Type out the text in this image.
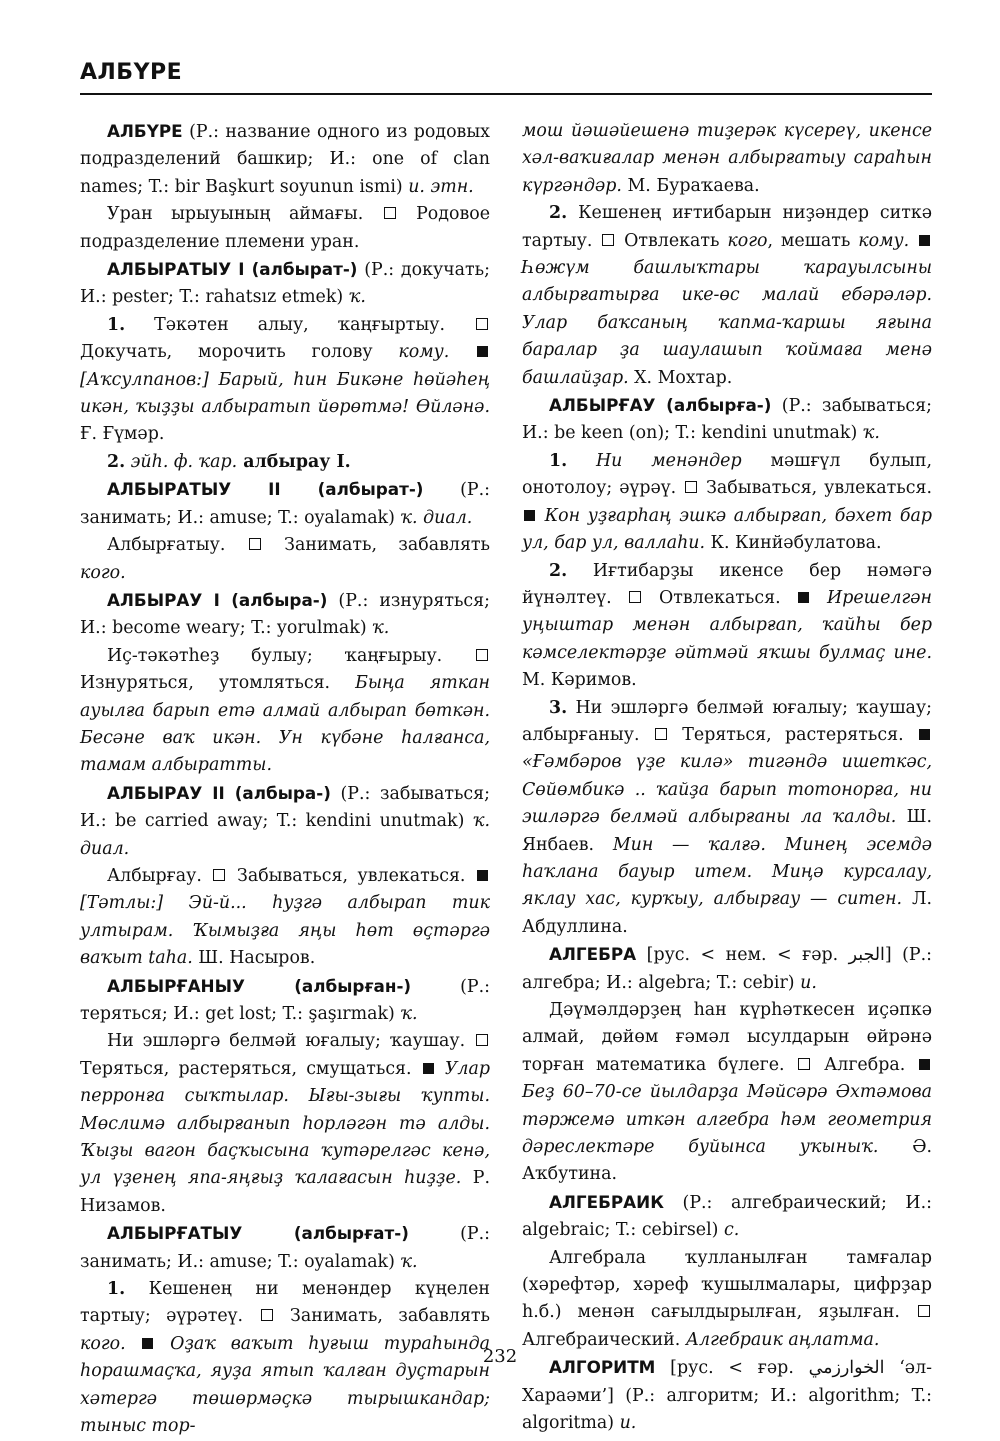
АЛБҮРЕ

АЛБҮРЕ (Р.: название одного из родовых подразделений башкир; И.: one of clan names; T.: bir Başkurt soyunun ismi) и. этн.

Уран ырыуының аймағы.  Родовое подразделение племени уран.

АЛБЫРАТЫУ I (албырат-) (Р.: докучать; И.: pester; T.: rahatsız etmek) ҡ.

1. Тәкәтен алыу, ҡаңғыртыу.  Докучать, морочить голову кому.  [Аҡсулпанов:] Барый, һин Бикәне һөйәһең икән, ҡыҙҙы албыратып йөрөтмә! Өйләнә. Ғ. Ғүмәр.

2. эйһ. ф. ҡар. албырау I.

АЛБЫРАТЫУ II (албырат-) (Р.: занимать; И.: amuse; T.: oyalamak) ҡ. диал.

Албырғатыу.  Занимать, забавлять кого.

АЛБЫРАУ I (албыра-) (Р.: изнуряться; И.: become weary; T.: yorulmak) ҡ.

Иҫ-тәкәтһеҙ булыу; ҡаңғырыу.  Изнуряться, утомляться. Быңа яткан ауылға барып етә алмай албырап бөткән. Бесәне ваҡ икән. Ун күбәне һалғанса, тамам албыратты.

АЛБЫРАУ II (албыра-) (Р.: забываться; И.: be carried away; T.: kendini unutmak) ҡ. диал.

Албырғау.  Забываться, увлекаться.  [Тәтлы:] Эй-й... һуҙгә албырап тик ултырам. Ҡымыҙға яңы һөт өҫтәргә ваҡыт taha. Ш. Насыров.

АЛБЫРҒАНЫУ (албырған-) (Р.: теряться; И.: get lost; T.: şaşırmak) ҡ.

Ни эшләргә белмәй юғалыу; ҡаушау.  Теряться, растеряться, смущаться.  Улар перронға сыҡтылар. Ығы-зығы ҡупты. Мөслимә албырғанып һорләгән тә алды. Ҡыҙы вагон баҫҡысына ҡутәрелгәс кенә, ул үҙенең япа-яңғыҙ ҡалағасын һиҙҙе. Р. Низамов.

АЛБЫРҒАТЫУ (албырғат-) (Р.: занимать; И.: amuse; T.: oyalamak) ҡ.

1. Кешенең ни менәндер күңелен тартыу; әүрәтеү.  Занимать, забавлять кого.  Оҙаҡ ваҡыт һуғыш тураһында һорашмаҫҡа, яуҙа ятып ҡалған дуҫтарын хәтергә төшөрмәҫкә тырышкандар; тыныс тор-

мош йәшәйешенә тиҙерәк күсереү, икенсе хәл-ваҡиғалар менән албырғатыу сараһын күргәндәр. М. Бураҡаева.

2. Кешенең иғтибарын ниҙәндер ситкә тартыу.  Отвлекать кого, мешать кому.  Һөжүм башлыҡтары ҡарауылсыны албырғатырға ике-өс малай ебәрәләр. Улар баҡсаның ҡапма-ҡаршы яғына баралар ҙа шаулашып ҡоймаға менә башлайҙар. Х. Мохтар.

АЛБЫРҒАУ (албырға-) (Р.: забываться; И.: be keen (on); T.: kendini unutmak) ҡ.

1. Ни менәндер мәшғүл булып, онотолоу; әүрәү.  Забываться, увлекаться.  Кон уҙғарһаң эшкә албырғап, бәхет бар ул, бар ул, валлаһи. К. Кинйәбулатова.

2. Иғтибарҙы икенсе бер нәмәгә йүнәлтеү.  Отвлекаться.  Ирешелгән уңыштар менән албырғап, ҡайһы бер кәмселектәрҙе әйтмәй яҡшы булмаҫ ине. М. Кәримов.

3. Ни эшләргә белмәй юғалыу; ҡаушау; албырғаныу.  Теряться, растеряться.  «Ғәмбәров үҙе килә» тигәндә ишеткәс, Сөйөмбикә .. ҡайҙа барып тотонорға, ни эшләргә белмәй албырғаны ла ҡалды. Ш. Янбаев. Мин — ҡалғә. Минең эсемдә һаҡлана бауыр итем. Миңә курсалау, яклау хас, курҡыу, албырғау — ситен. Л. Абдуллина.

АЛГЕБРА [рус. < нем. < ғәр. الجبر] (Р.: алгебра; И.: algebra; T.: cebir) и.

Дәүмәлдәрҙең һан күрһәткесен иҫәпкә алмай, дөйөм ғәмәл ысулдарын өйрәнә торған математика бүлеге.  Алгебра.  Беҙ 60–70-се йылдарҙа Мәйсәрә Әхтәмова тәржемә иткән алгебра һәм геометрия дәреслектәре буйынса уҡыныҡ. Ә. Аҡбутина.

АЛГЕБРАИК (Р.: алгебраический; И.: algebraic; T.: cebirsel) с.

Алгебрала ҡулланылған тамғалар (хәрефтәр, хәреф ҡушылмалары, цифрҙар h.б.) менән сағылдырылған, яҙылған.  Алгебраический. Алгебраик аңлатма.

АЛГОРИТМ [рус. < ғәр. الخوارزمي ‘әл-Хараәми’] (Р.: алгоритм; И.: algorithm; T.: algoritma) и.

232
